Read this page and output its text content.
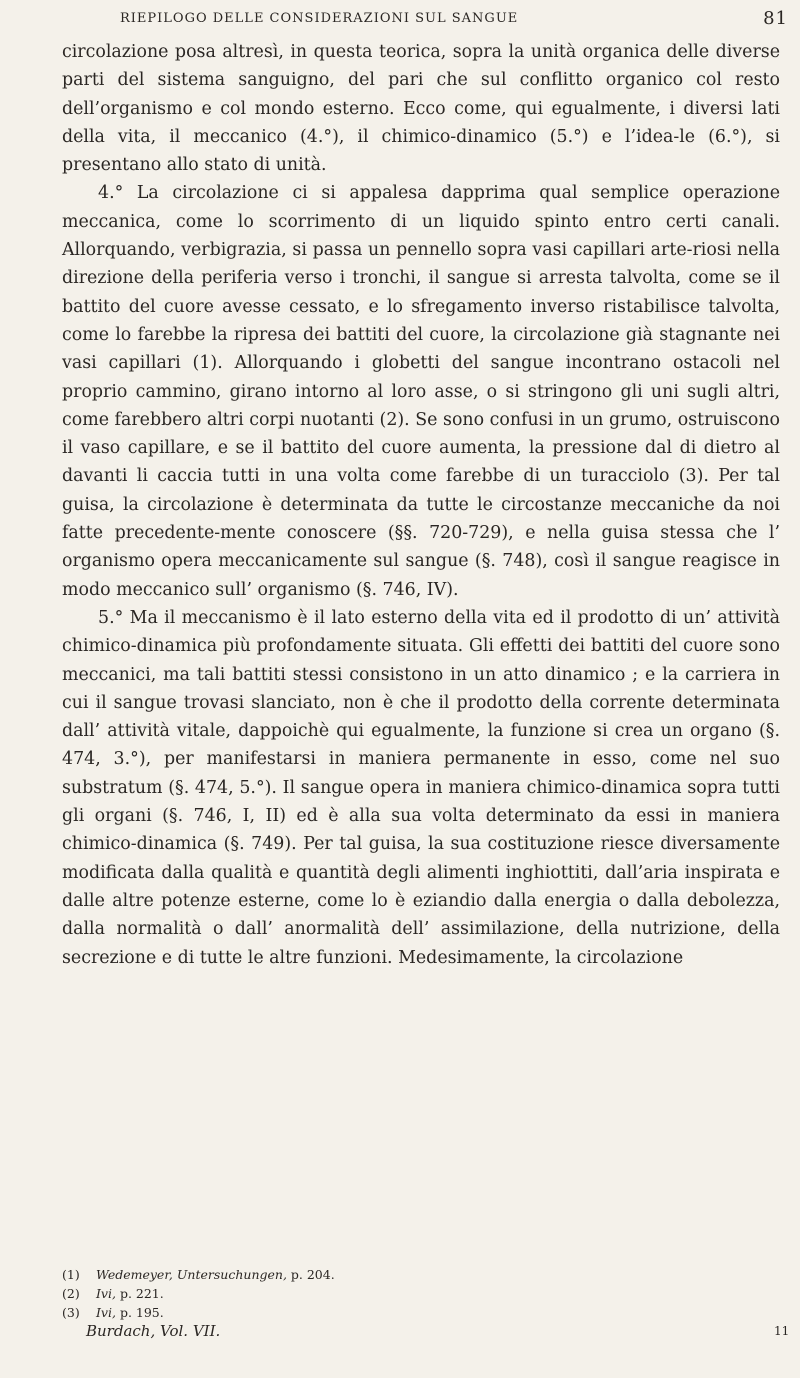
RIEPILOGO DELLE CONSIDERAZIONI SUL SANGUE	81

circolazione posa altresì, in questa teorica, sopra la unità organica delle diverse parti del sistema sanguigno, del pari che sul conflitto organico col resto dell’organismo e col mondo esterno. Ecco come, qui egualmente, i diversi lati della vita, il meccanico (4.°), il chimico-dinamico (5.°) e l’idea-le (6.°), si presentano allo stato di unità.

4.° La circolazione ci si appalesa dapprima qual semplice operazione meccanica, come lo scorrimento di un liquido spinto entro certi canali. Allorquando, verbigrazia, si passa un pennello sopra vasi capillari arte-riosi nella direzione della periferia verso i tronchi, il sangue si arresta talvolta, come se il battito del cuore avesse cessato, e lo sfregamento inverso ristabilisce talvolta, come lo farebbe la ripresa dei battiti del cuore, la circolazione già stagnante nei vasi capillari (1). Allorquando i globetti del sangue incontrano ostacoli nel proprio cammino, girano intorno al loro asse, o si stringono gli uni sugli altri, come farebbero altri corpi nuotanti (2). Se sono confusi in un grumo, ostruiscono il vaso capillare, e se il battito del cuore aumenta, la pressione dal di dietro al davanti li caccia tutti in una volta come farebbe di un turacciolo (3). Per tal guisa, la circolazione è determinata da tutte le circostanze meccaniche da noi fatte precedente-mente conoscere (§§. 720-729), e nella guisa stessa che l’ organismo opera meccanicamente sul sangue (§. 748), così il sangue reagisce in modo meccanico sull’ organismo (§. 746, IV).

5.° Ma il meccanismo è il lato esterno della vita ed il prodotto di un’ attività chimico-dinamica più profondamente situata. Gli effetti dei battiti del cuore sono meccanici, ma tali battiti stessi consistono in un atto dinamico ; e la carriera in cui il sangue trovasi slanciato, non è che il prodotto della corrente determinata dall’ attività vitale, dappoichè qui egualmente, la funzione si crea un organo (§. 474, 3.°), per manifestarsi in maniera permanente in esso, come nel suo substratum (§. 474, 5.°). Il sangue opera in maniera chimico-dinamica sopra tutti gli organi (§. 746, I, II) ed è alla sua volta determinato da essi in maniera chimico-dinamica (§. 749). Per tal guisa, la sua costituzione riesce diversamente modificata dalla qualità e quantità degli alimenti inghiottiti, dall’aria inspirata e dalle altre potenze esterne, come lo è eziandio dalla energia o dalla debolezza, dalla normalità o dall’ anormalità dell’ assimilazione, della nutrizione, della secrezione e di tutte le altre funzioni. Medesimamente, la circolazione

(1) Wedemeyer, Untersuchungen, p. 204.
(2) Ivi, p. 221.
(3) Ivi, p. 195.
Burdach, Vol. VII.	11
